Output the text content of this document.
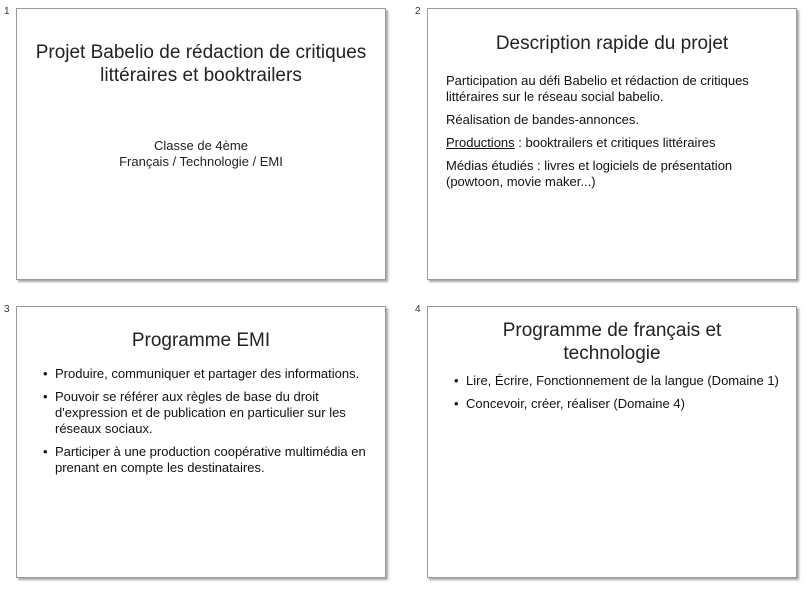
1
Projet Babelio de rédaction de critiques littéraires et booktrailers
Classe de 4ème
Français / Technologie / EMI
2
Description rapide du projet

Participation au défi Babelio et rédaction de critiques littéraires sur le réseau social babelio.

Réalisation de bandes-annonces.

Productions : booktrailers et critiques littéraires

Médias étudiés : livres et logiciels de présentation (powtoon, movie maker...)

3
Programme EMI
• Produire, communiquer et partager des informations.
• Pouvoir se référer aux règles de base du droit d'expression et de publication en particulier sur les réseaux sociaux.
• Participer à une production coopérative multimédia en prenant en compte les destinataires.
4
Programme de français et technologie
• Lire, Écrire, Fonctionnement de la langue (Domaine 1)
• Concevoir, créer, réaliser (Domaine 4)
